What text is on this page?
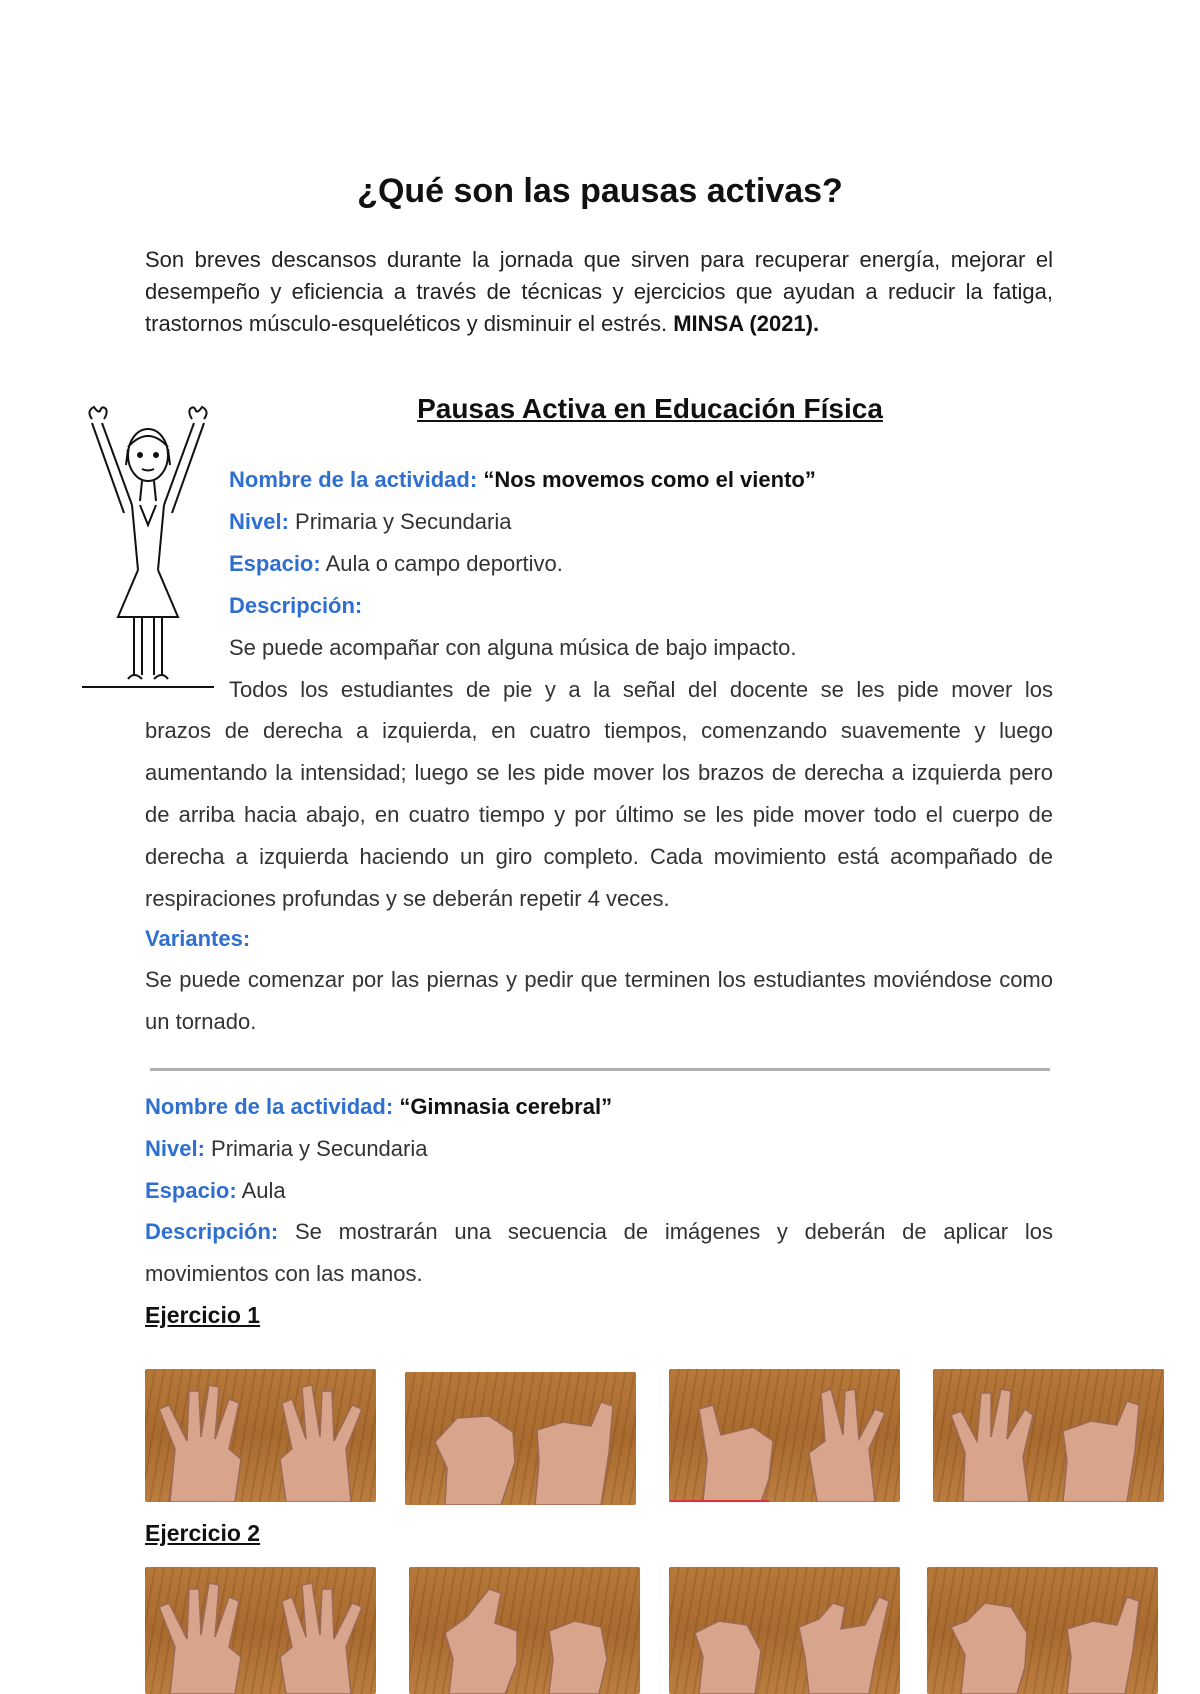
¿Qué son las pausas activas?
Son breves descansos durante la jornada que sirven para recuperar energía, mejorar el desempeño y eficiencia a través de técnicas y ejercicios que ayudan a reducir la fatiga, trastornos músculo-esqueléticos y disminuir el estrés. MINSA (2021).
Pausas Activa en Educación Física
Nombre de la actividad: “Nos movemos como el viento”
Nivel: Primaria y Secundaria
Espacio: Aula o campo deportivo.
Descripción:
Se puede acompañar con alguna música de bajo impacto.
Todos los estudiantes de pie y a la señal del docente se les pide mover los
brazos de derecha a izquierda, en cuatro tiempos, comenzando suavemente y luego aumentando la intensidad; luego se les pide mover los brazos de derecha a izquierda pero de arriba hacia abajo, en cuatro tiempo y por último se les pide mover todo el cuerpo de derecha a izquierda haciendo un giro completo. Cada movimiento está acompañado de respiraciones profundas y se deberán repetir 4 veces.
Variantes:
Se puede comenzar por las piernas y pedir que terminen los estudiantes moviéndose como un tornado.
Nombre de la actividad: “Gimnasia cerebral”
Nivel: Primaria y Secundaria
Espacio: Aula
Descripción: Se mostrarán una secuencia de imágenes y deberán de aplicar los movimientos con las manos.
Ejercicio 1
Ejercicio 2
